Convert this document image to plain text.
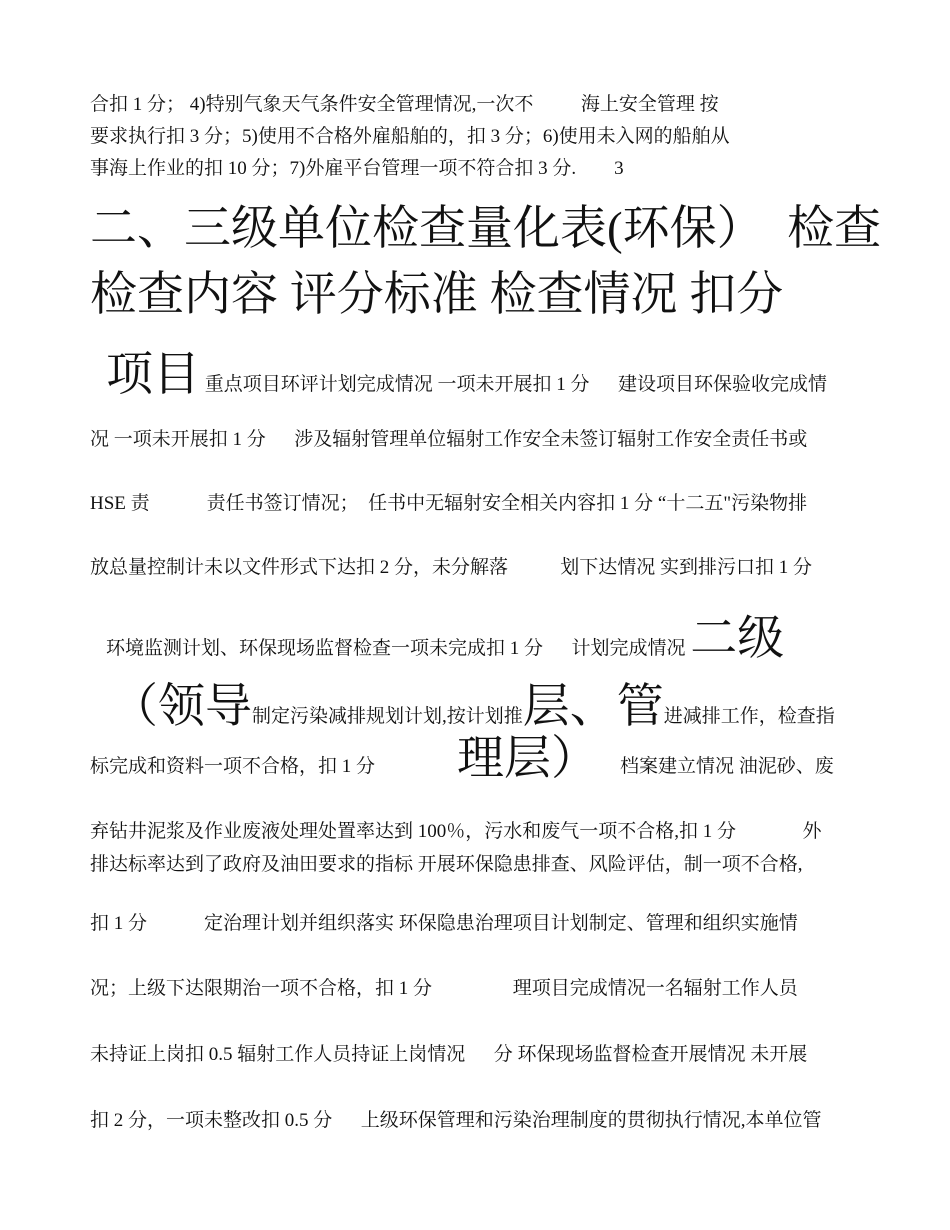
合扣 1 分； 4)特别气象天气条件安全管理情况,一次不          海上安全管理 按
要求执行扣 3 分；5)使用不合格外雇船舶的，扣 3 分；6)使用未入网的船舶从
事海上作业的扣 10 分；7)外雇平台管理一项不符合扣 3 分.        3
二、三级单位检查量化表(环保）  检查
检查内容 评分标准 检查情况 扣分

项目 重点项目环评计划完成情况 一项未开展扣 1 分      建设项目环保验收完成情

况 一项未开展扣 1 分      涉及辐射管理单位辐射工作安全未签订辐射工作安全责任书或
HSE 责            责任书签订情况；  任书中无辐射安全相关内容扣 1 分 “十二五"污染物排
放总量控制计未以文件形式下达扣 2 分，未分解落           划下达情况 实到排污口扣 1 分

环境监测计划、环保现场监督检查一项未完成扣 1 分      计划完成情况 二级

（领导制定污染减排规划计划,按计划推层、管进减排工作，检查指

标完成和资料一项不合格，扣 1 分 理层） 档案建立情况 油泥砂、废
弃钻井泥浆及作业废液处理处置率达到 100％，污水和废气一项不合格,扣 1 分              外
排达标率达到了政府及油田要求的指标 开展环保隐患排查、风险评估，制一项不合格,
扣 1 分            定治理计划并组织落实 环保隐患治理项目计划制定、管理和组织实施情
况；上级下达限期治一项不合格，扣 1 分                 理项目完成情况一名辐射工作人员
未持证上岗扣 0.5 辐射工作人员持证上岗情况      分 环保现场监督检查开展情况 未开展
扣 2 分，一项未整改扣 0.5 分      上级环保管理和污染治理制度的贯彻执行情况,本单位管
